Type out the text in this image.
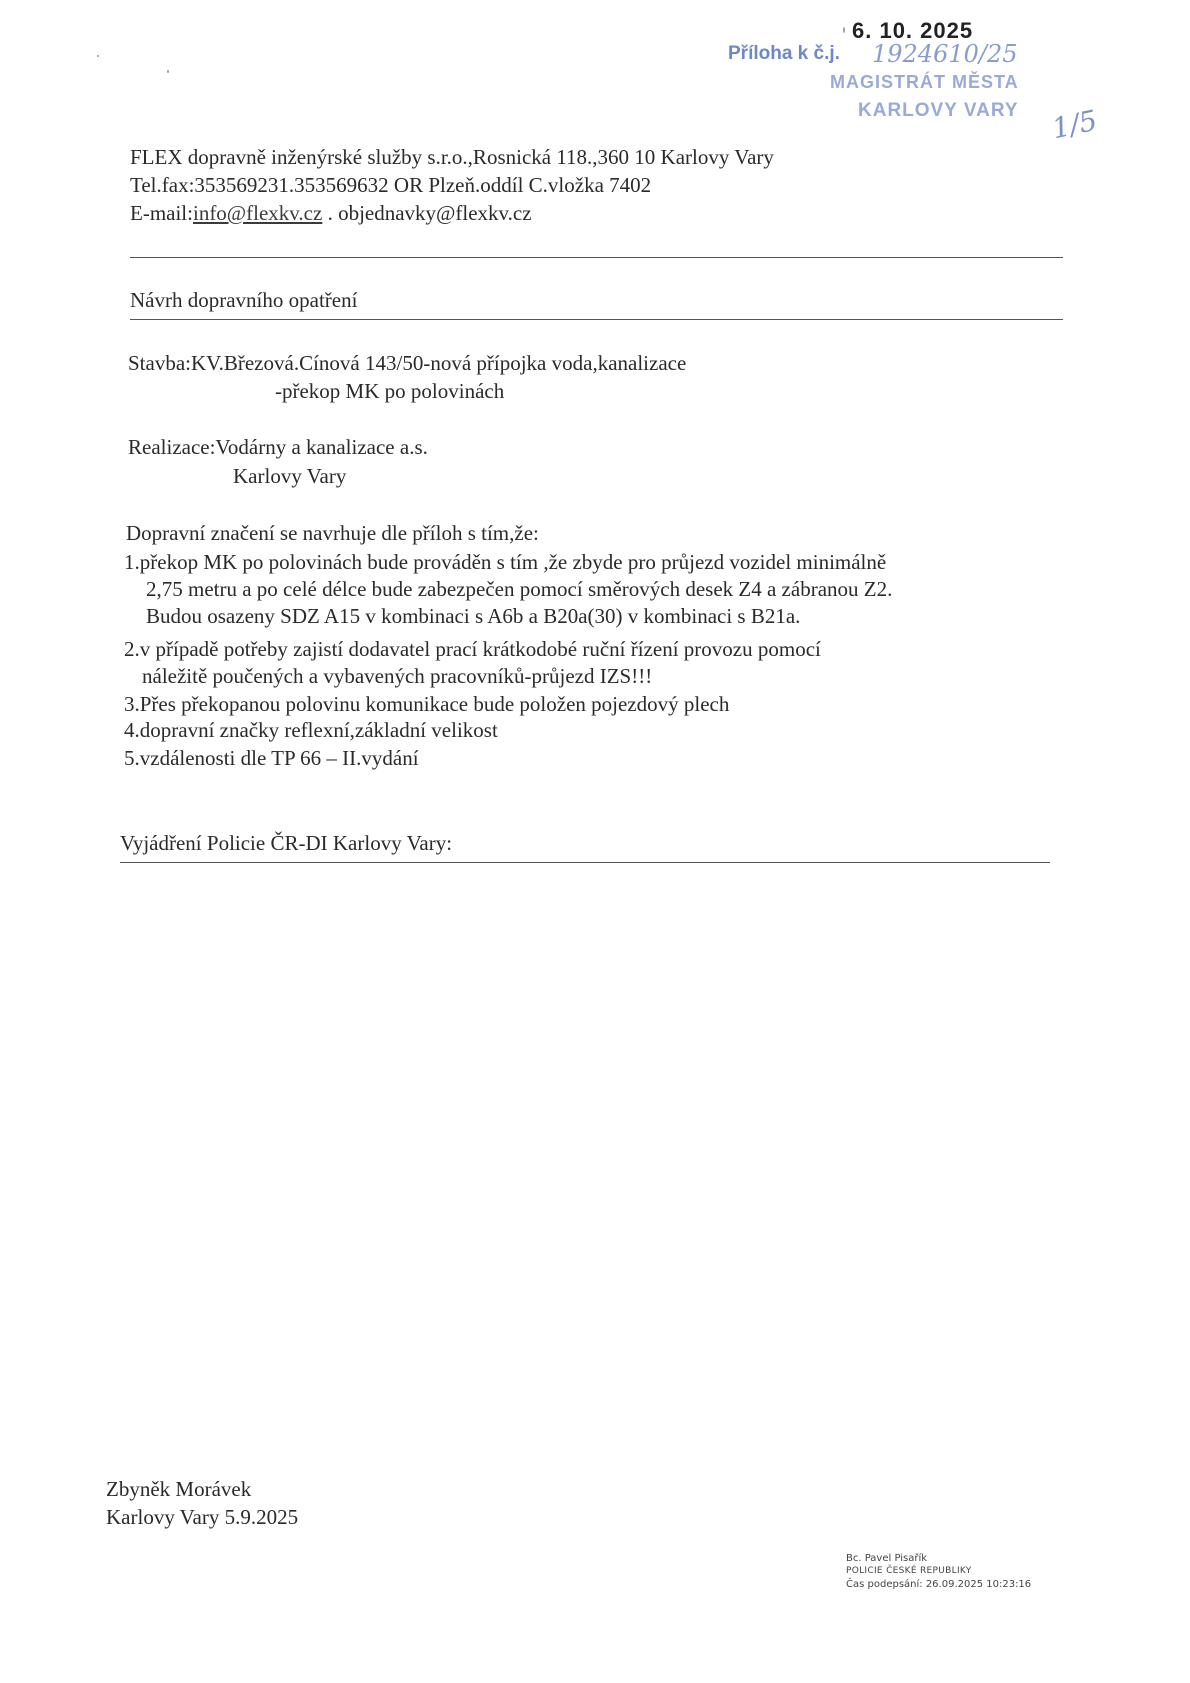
6. 10. 2025
Příloha k č.j. 1924610/25
MAGISTRÁT MĚSTA
KARLOVY VARY 1/5
FLEX dopravně inženýrské služby s.r.o.,Rosnická 118.,360 10 Karlovy Vary
Tel.fax:353569231.353569632 OR Plzeň.oddíl C.vložka 7402
E-mail:info@flexkv.cz . objednavky@flexkv.cz
Návrh dopravního opatření
Stavba:KV.Březová.Cínová 143/50-nová přípojka voda,kanalizace
-překop MK po polovinách
Realizace:Vodárny a kanalizace a.s.
Karlovy Vary
Dopravní značení se navrhuje dle příloh s tím,že:
1.překop MK po polovinách bude prováděn s tím ,že zbyde pro průjezd vozidel minimálně
2,75 metru a po celé délce bude zabezpečen pomocí směrových desek Z4 a zábranou Z2.
Budou osazeny SDZ A15 v kombinaci s A6b a B20a(30) v kombinaci s B21a.
2.v případě potřeby zajistí dodavatel prací krátkodobé ruční řízení provozu pomocí
náležitě poučených a vybavených pracovníků-průjezd IZS!!!
3.Přes překopanou polovinu komunikace bude položen pojezdový plech
4.dopravní značky reflexní,základní velikost
5.vzdálenosti dle TP 66 – II.vydání
Vyjádření Policie ČR-DI Karlovy Vary:
Zbyněk Morávek
Karlovy Vary 5.9.2025
Bc. Pavel Pisařík
POLICIE ČESKÉ REPUBLIKY
Čas podepsání: 26.09.2025 10:23:16
